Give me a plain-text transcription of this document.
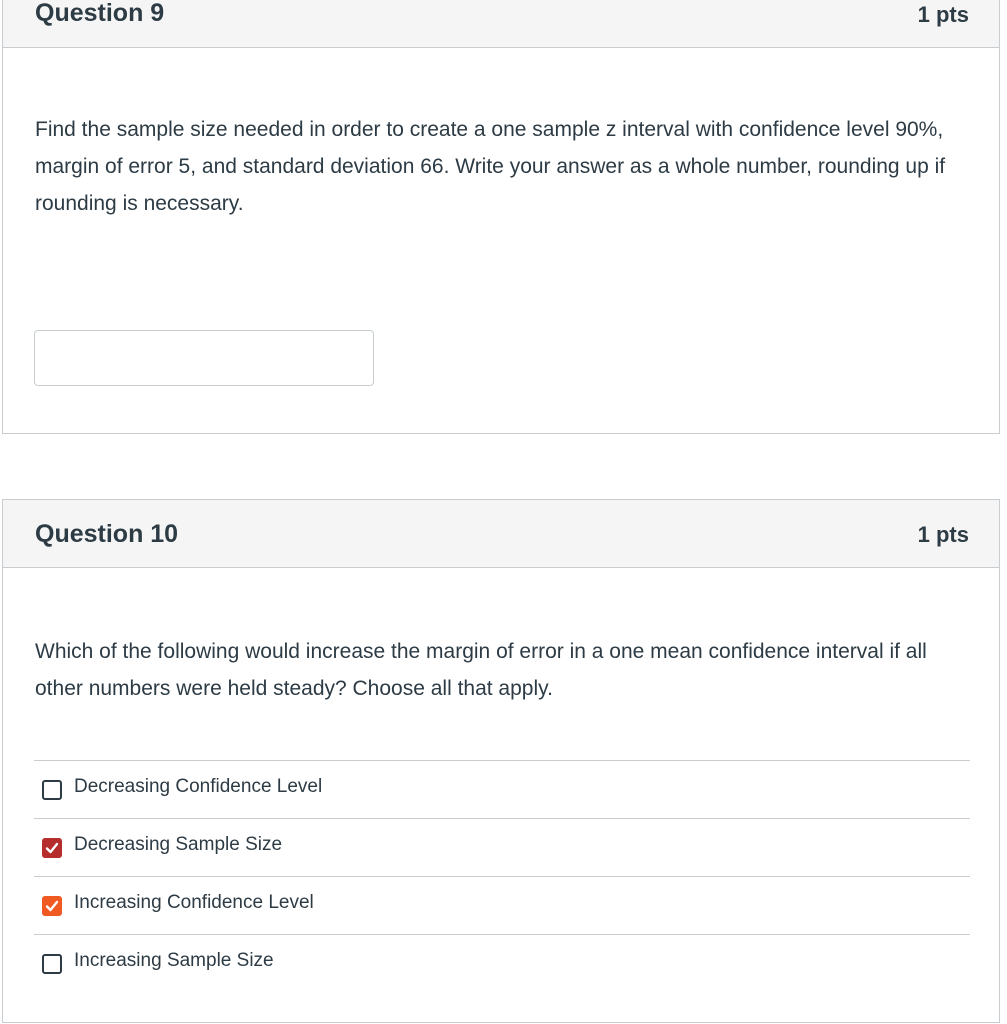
Question 9	1 pts
Find the sample size needed in order to create a one sample z interval with confidence level 90%, margin of error 5, and standard deviation 66. Write your answer as a whole number, rounding up if rounding is necessary.
Question 10	1 pts
Which of the following would increase the margin of error in a one mean confidence interval if all other numbers were held steady? Choose all that apply.
Decreasing Confidence Level
Decreasing Sample Size
Increasing Confidence Level
Increasing Sample Size
